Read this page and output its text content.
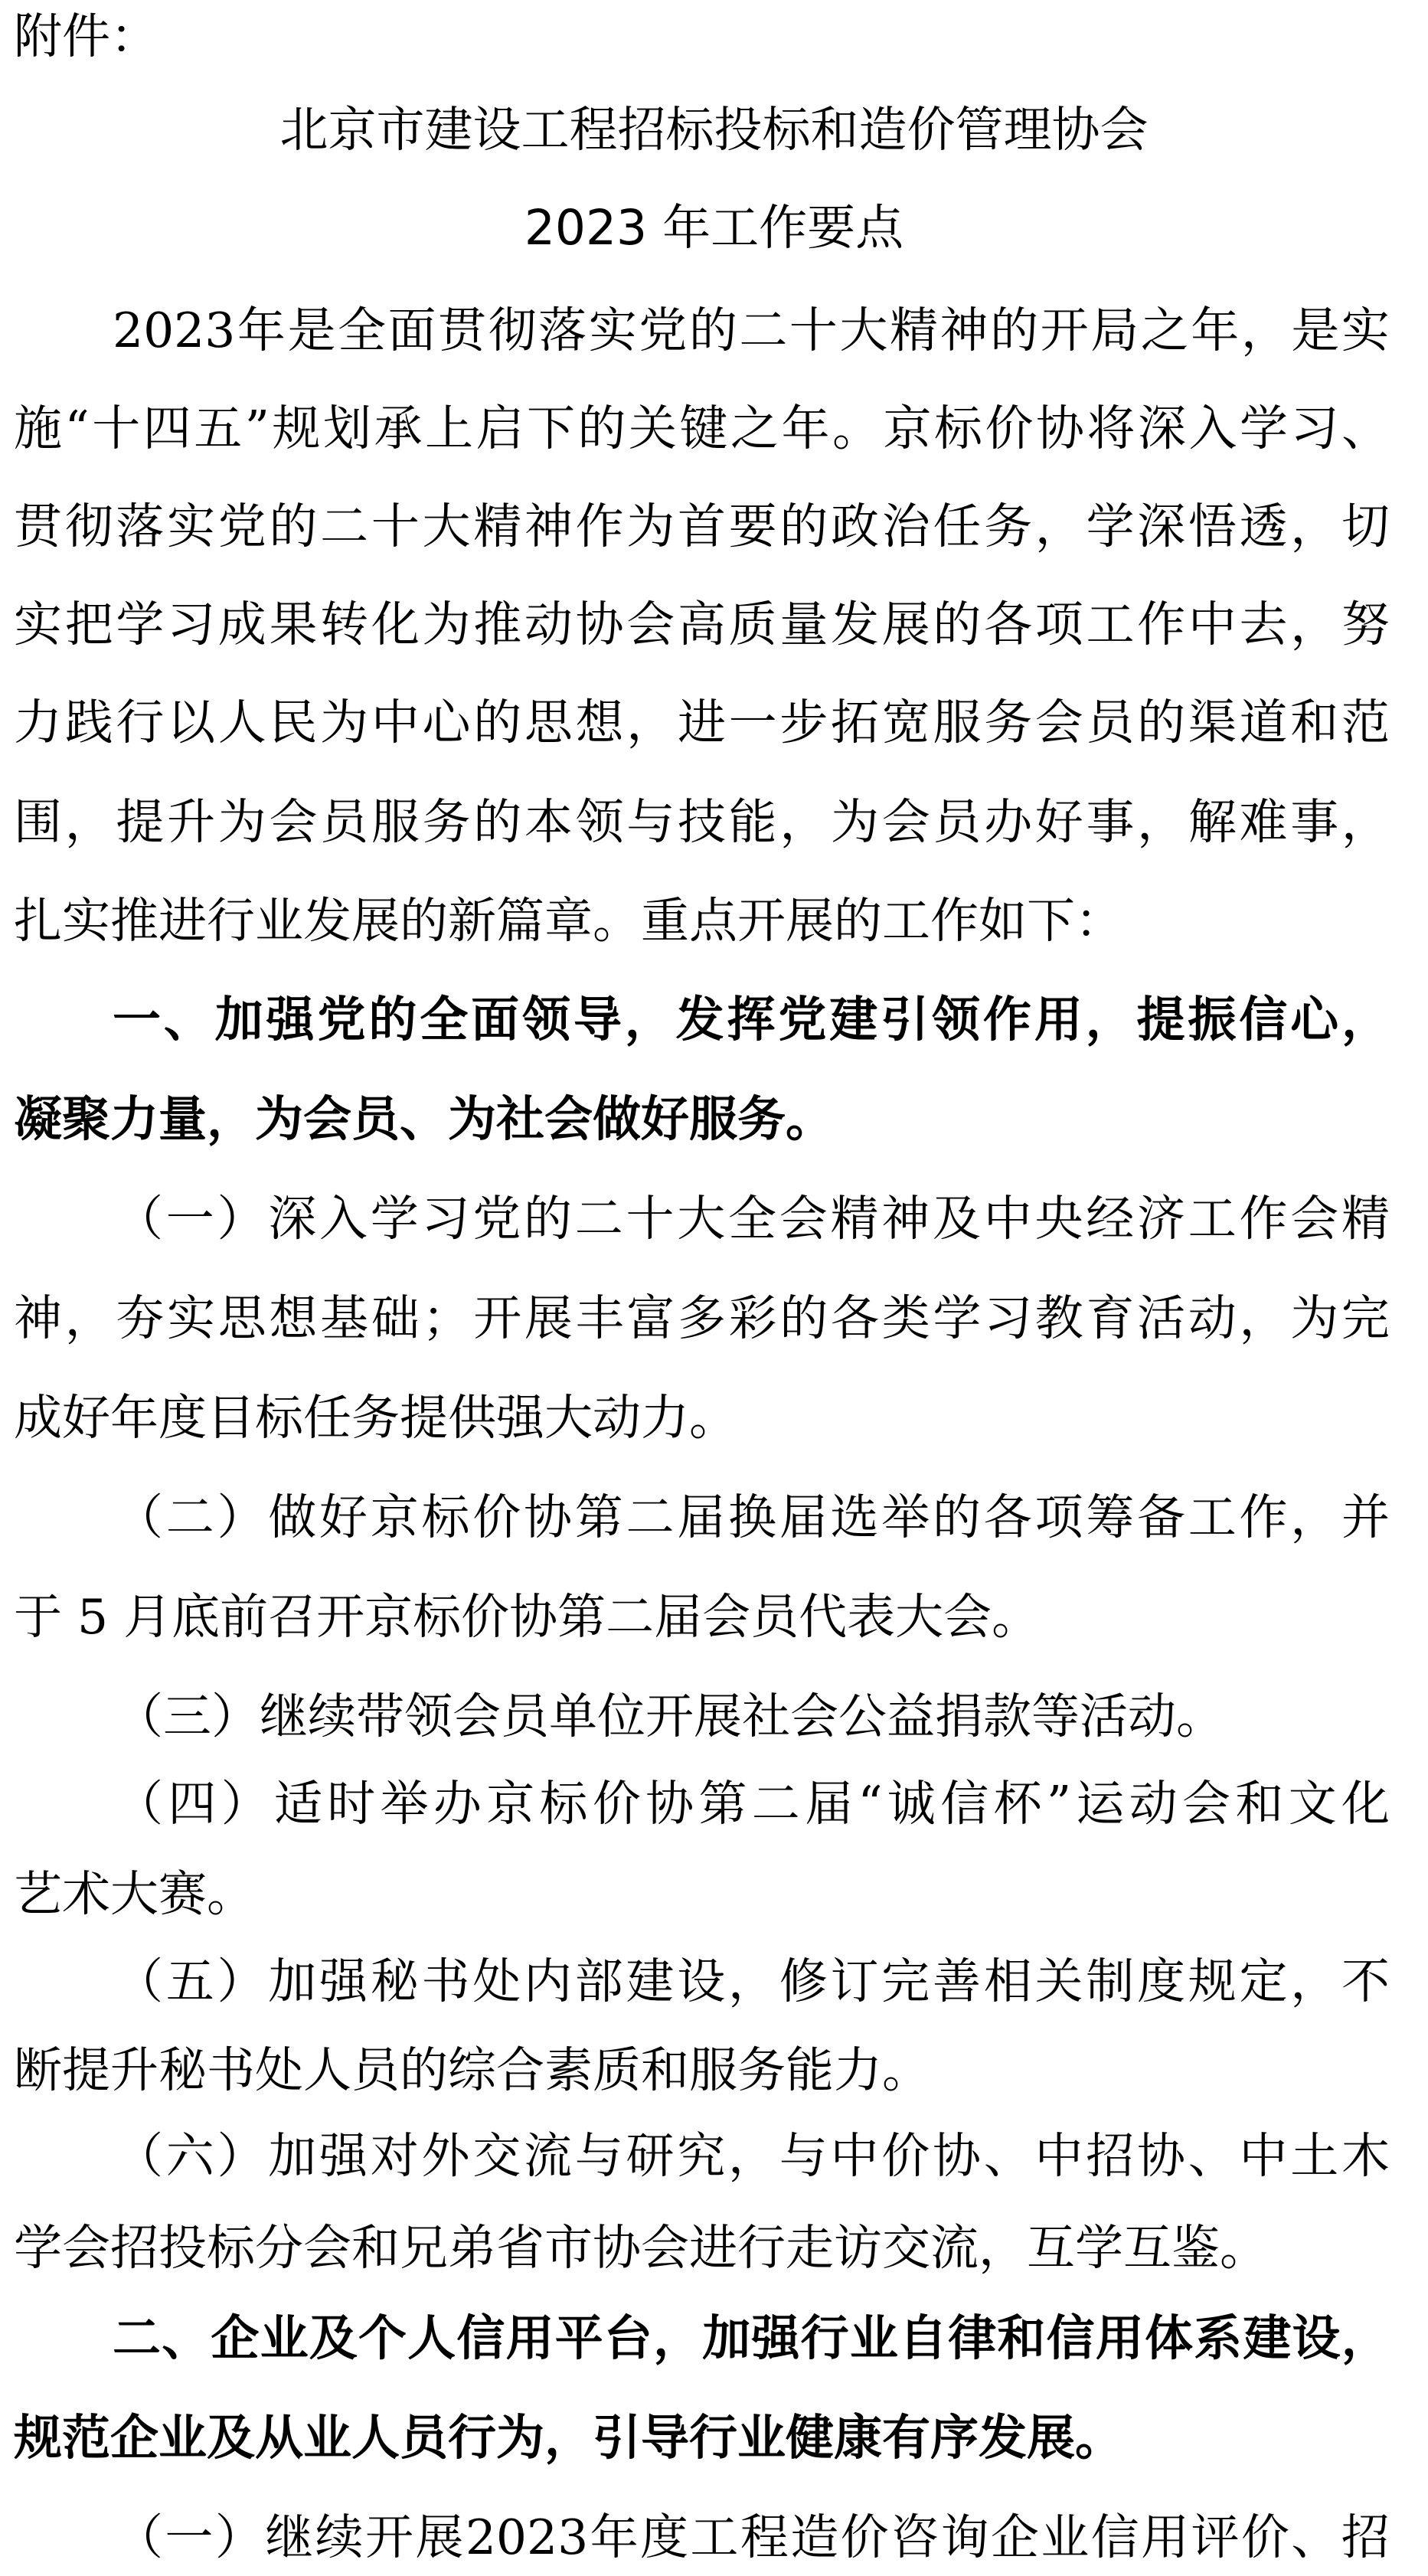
附件：
北京市建设工程招标投标和造价管理协会
2023 年工作要点
2023 年 是 全 面 贯 彻 落 实 党 的 二 十 大 精 神 的 开 局 之 年 ， 是 实
施 “ 十 四 五 ” 规 划 承 上 启 下 的 关 键 之 年 。 京 标 价 协 将 深 入 学 习 、
贯 彻 落 实 党 的 二 十 大 精 神 作 为 首 要 的 政 治 任 务 ， 学 深 悟 透 ， 切
实 把 学 习 成 果 转 化 为 推 动 协 会 高 质 量 发 展 的 各 项 工 作 中 去 ， 努
力 践 行 以 人 民 为 中 心 的 思 想 ， 进 一 步 拓 宽 服 务 会 员 的 渠 道 和 范
围 ， 提 升 为 会 员 服 务 的 本 领 与 技 能 ， 为 会 员 办 好 事 ， 解 难 事 ，
扎实推进行业发展的新篇章。重点开展的工作如下：
一 、 加 强 党 的 全 面 领 导 ， 发 挥 党 建 引 领 作 用 ， 提 振 信 心 ，
凝聚力量，为会员、为社会做好服务。
（ 一 ） 深 入 学 习 党 的 二 十 大 全 会 精 神 及 中 央 经 济 工 作 会 精
神 ， 夯 实 思 想 基 础 ； 开 展 丰 富 多 彩 的 各 类 学 习 教 育 活 动 ， 为 完
成好年度目标任务提供强大动力。
（ 二 ） 做 好 京 标 价 协 第 二 届 换 届 选 举 的 各 项 筹 备 工 作 ， 并
于 5 月底前召开京标价协第二届会员代表大会。
（三）继续带领会员单位开展社会公益捐款等活动。
（ 四 ） 适 时 举 办 京 标 价 协 第 二 届 “ 诚 信 杯 ” 运 动 会 和 文 化
艺术大赛。
（ 五 ） 加 强 秘 书 处 内 部 建 设 ， 修 订 完 善 相 关 制 度 规 定 ， 不
断提升秘书处人员的综合素质和服务能力。
（ 六 ） 加 强 对 外 交 流 与 研 究 ， 与 中 价 协 、 中 招 协 、 中 土 木
学会招投标分会和兄弟省市协会进行走访交流，互学互鉴。
二 、 企 业 及 个 人 信 用 平 台 ， 加 强 行 业 自 律 和 信 用 体 系 建 设 ，
规范企业及从业人员行为，引导行业健康有序发展。
（ 一 ） 继 续 开 展 2023 年 度 工 程 造 价 咨 询 企 业 信 用 评 价 、 招
